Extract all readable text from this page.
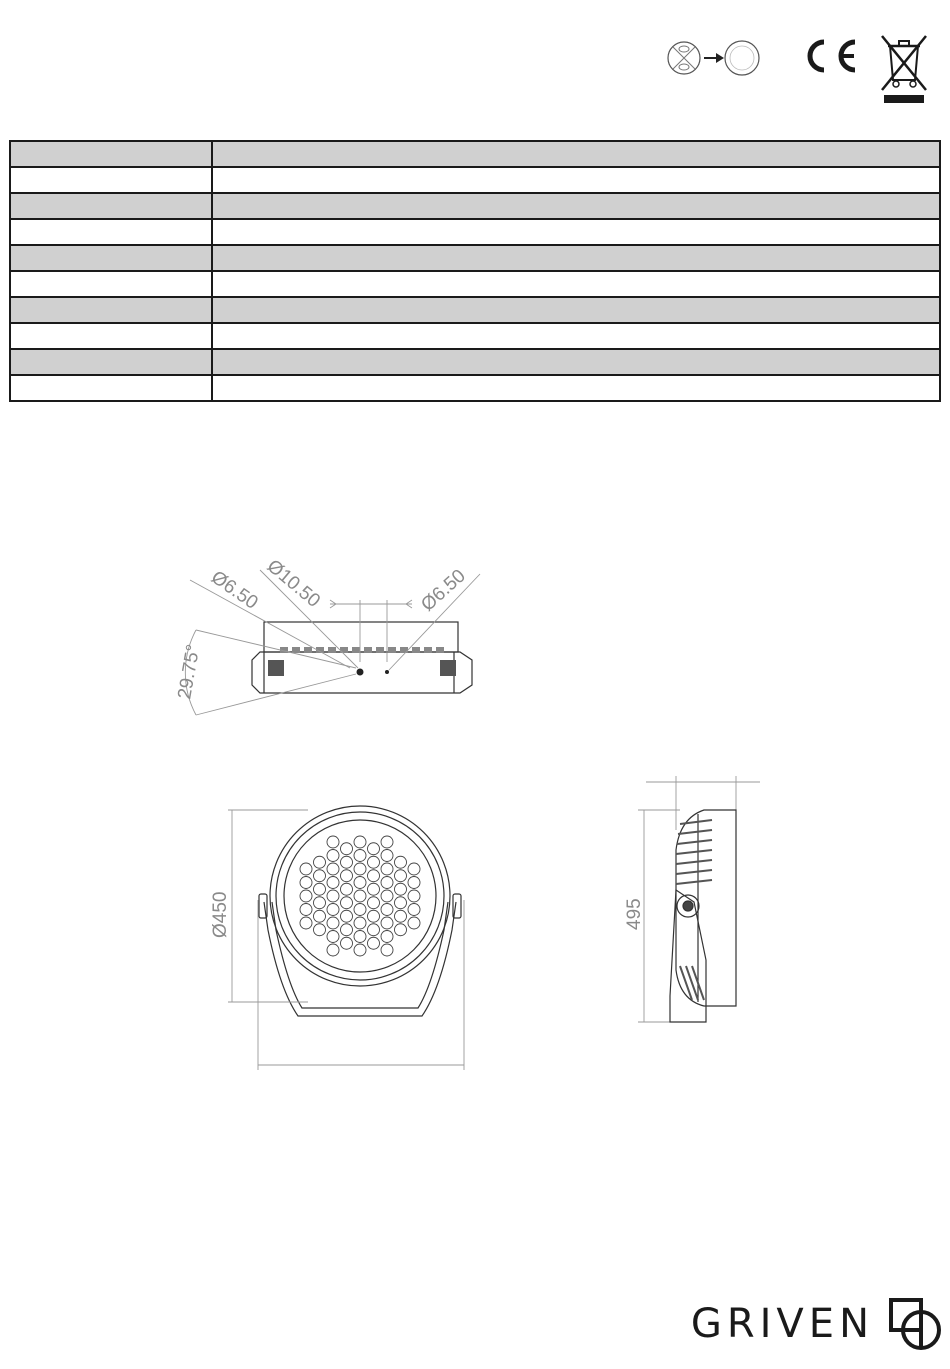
Ø6.50 Ø10.50	Ø6.50
29.75°
Ø450	495
GRIVEN
